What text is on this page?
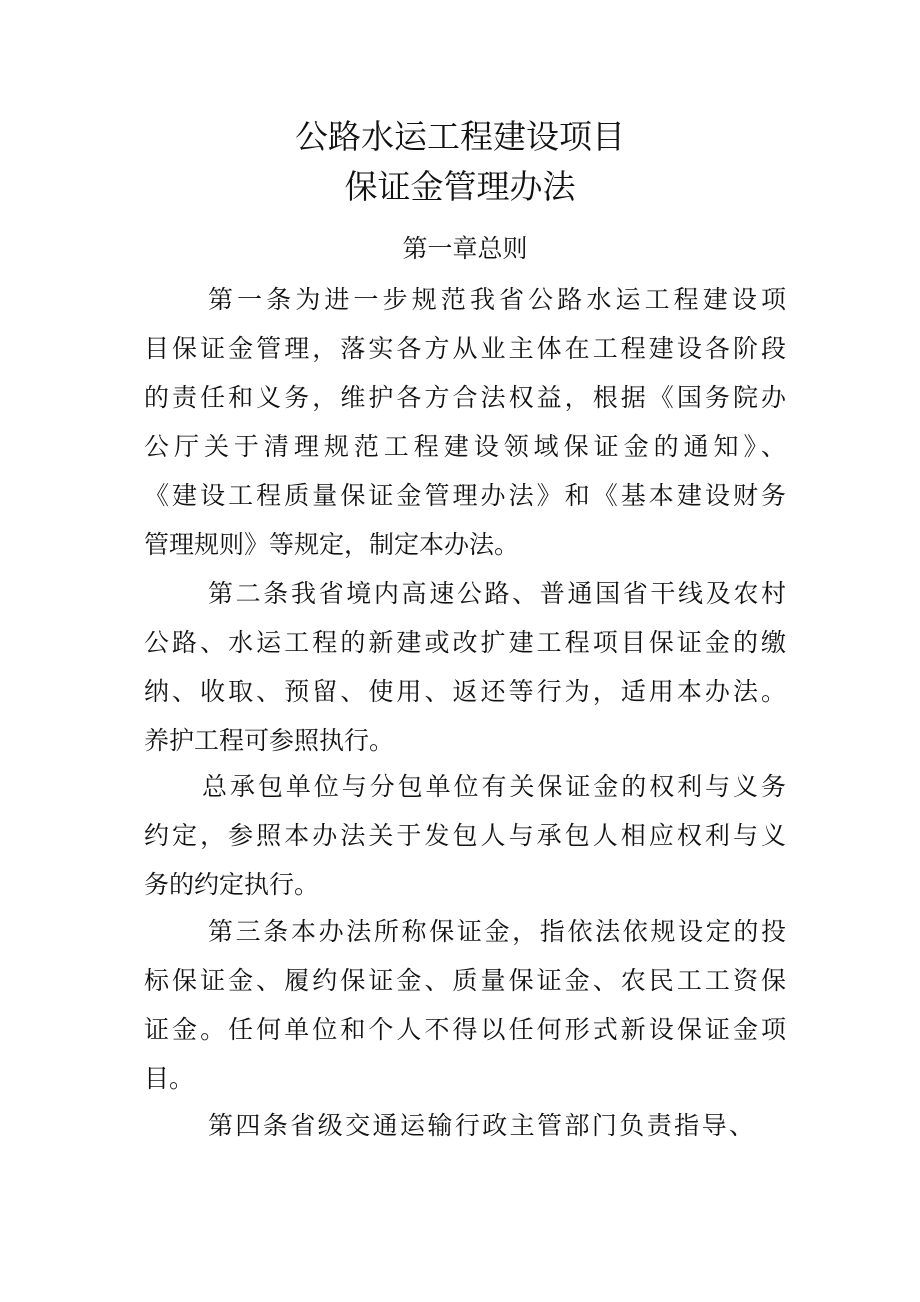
公路水运工程建设项目
保证金管理办法
第一章总则
第一条为进一步规范我省公路水运工程建设项
目保证金管理，落实各方从业主体在工程建设各阶段
的责任和义务，维护各方合法权益，根据《国务院办
公厅关于清理规范工程建设领域保证金的通知》、
《建设工程质量保证金管理办法》和《基本建设财务
管理规则》等规定，制定本办法。
第二条我省境内高速公路、普通国省干线及农村
公路、水运工程的新建或改扩建工程项目保证金的缴
纳、收取、预留、使用、返还等行为，适用本办法。
养护工程可参照执行。
总承包单位与分包单位有关保证金的权利与义务
约定，参照本办法关于发包人与承包人相应权利与义
务的约定执行。
第三条本办法所称保证金，指依法依规设定的投
标保证金、履约保证金、质量保证金、农民工工资保
证金。任何单位和个人不得以任何形式新设保证金项
目。
第四条省级交通运输行政主管部门负责指导、
